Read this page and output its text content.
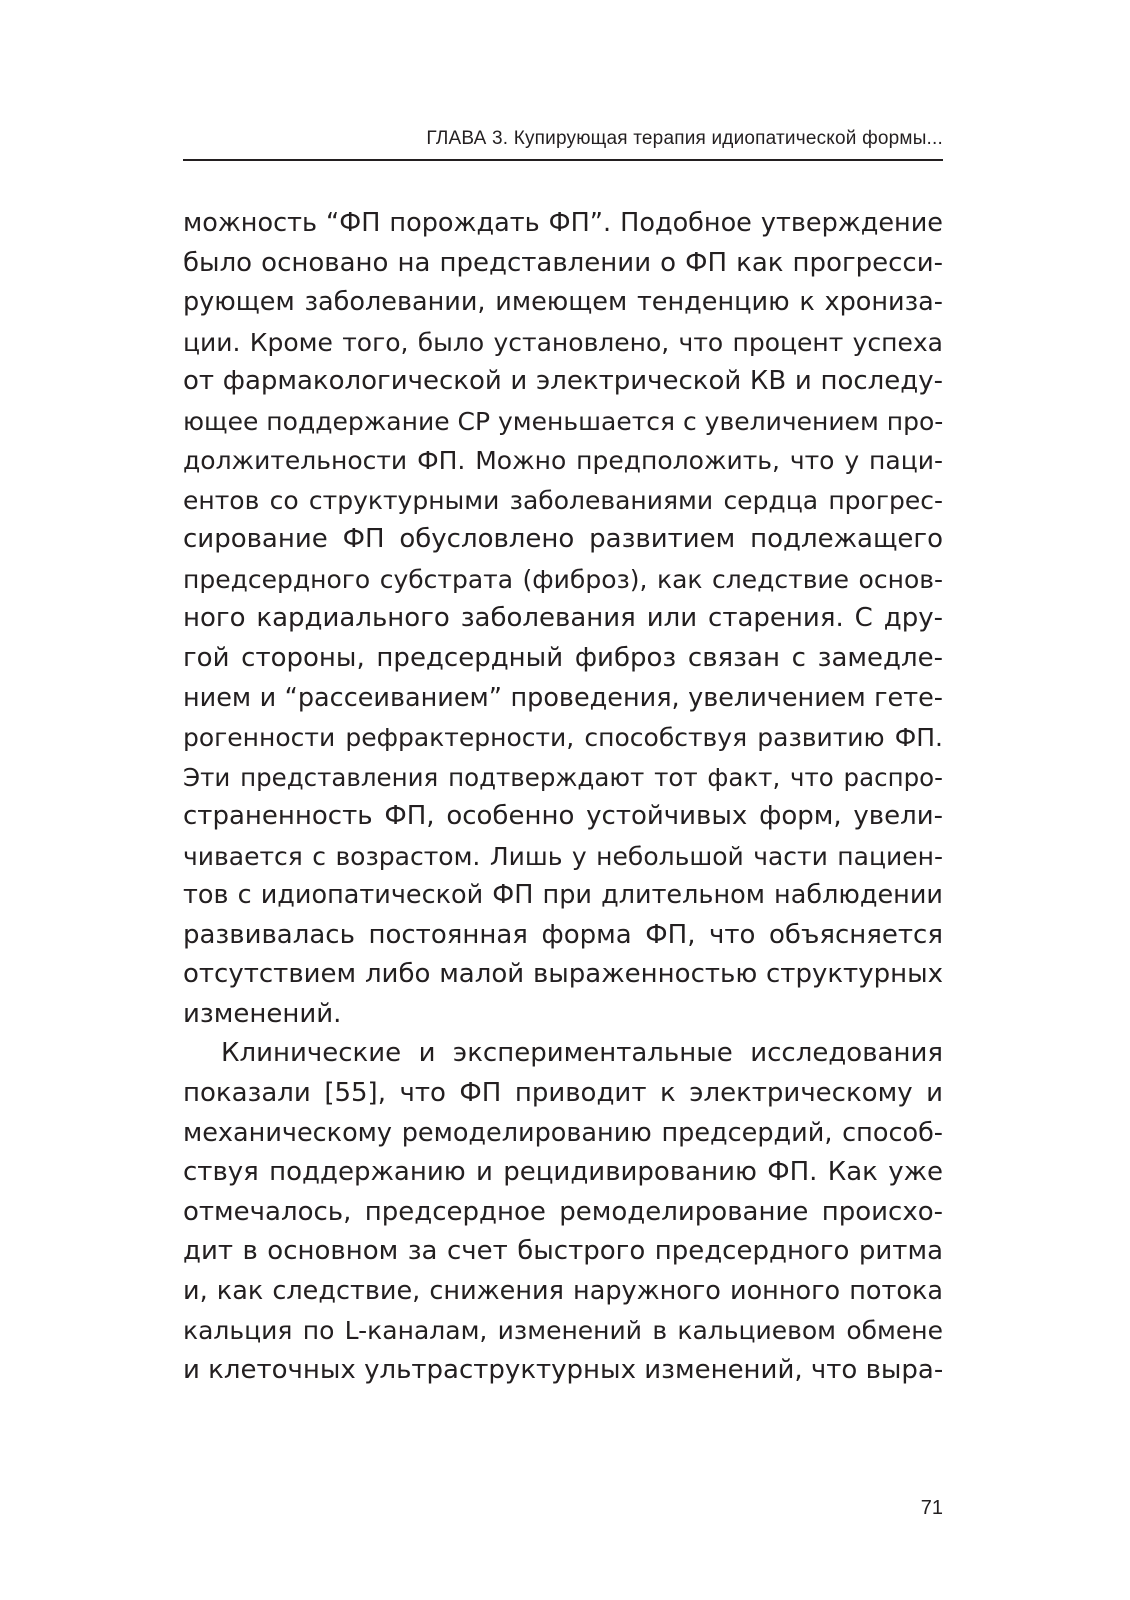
ГЛАВА 3. Купирующая терапия идиопатической формы...
можность “ФП порождать ФП”. Подобное утверждение
было основано на представлении о ФП как прогресси-
рующем заболевании, имеющем тенденцию к хрониза-
ции. Кроме того, было установлено, что процент успеха
от фармакологической и электрической КВ и последу-
ющее поддержание СР уменьшается с увеличением про-
должительности ФП. Можно предположить, что у паци-
ентов со структурными заболеваниями сердца прогрес-
сирование ФП обусловлено развитием подлежащего
предсердного субстрата (фиброз), как следствие основ-
ного кардиального заболевания или старения. С дру-
гой стороны, предсердный фиброз связан с замедле-
нием и “рассеиванием” проведения, увеличением гете-
рогенности рефрактерности, способствуя развитию ФП.
Эти представления подтверждают тот факт, что распро-
страненность ФП, особенно устойчивых форм, увели-
чивается с возрастом. Лишь у небольшой части пациен-
тов с идиопатической ФП при длительном наблюдении
развивалась постоянная форма ФП, что объясняется
отсутствием либо малой выраженностью структурных
изменений.
Клинические и экспериментальные исследования
показали [55], что ФП приводит к электрическому и
механическому ремоделированию предсердий, способ-
ствуя поддержанию и рецидивированию ФП. Как уже
отмечалось, предсердное ремоделирование происхо-
дит в основном за счет быстрого предсердного ритма
и, как следствие, снижения наружного ионного потока
кальция по L-каналам, изменений в кальциевом обмене
и клеточных ультраструктурных изменений, что выра-
71
